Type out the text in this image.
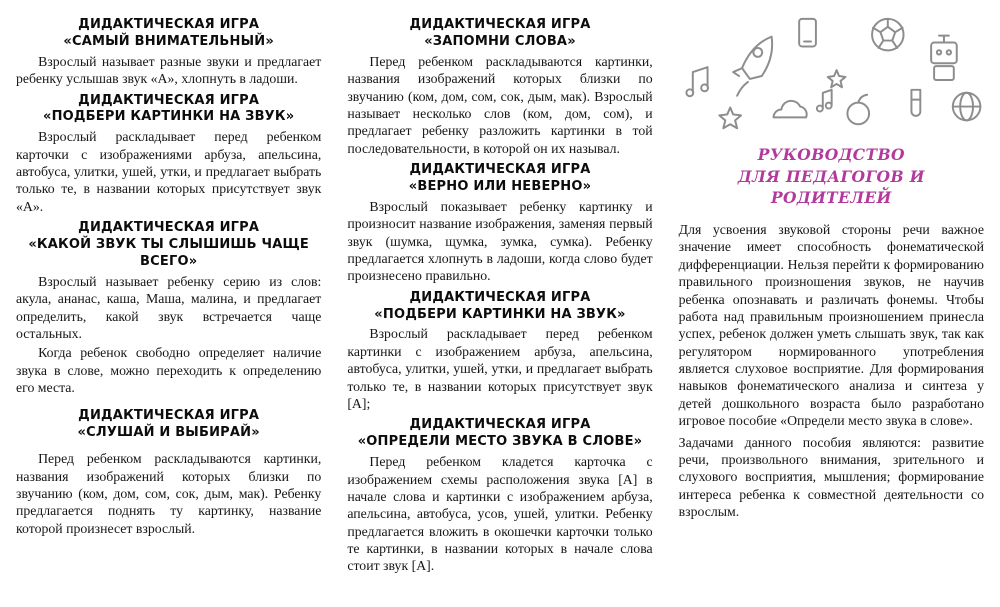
ДИДАКТИЧЕСКАЯ ИГРА
«САМЫЙ ВНИМАТЕЛЬНЫЙ»

Взрослый называет разные звуки и предлагает ребенку услышав звук «А», хлопнуть в ладоши.

ДИДАКТИЧЕСКАЯ ИГРА
«ПОДБЕРИ КАРТИНКИ НА ЗВУК»

Взрослый раскладывает перед ребенком карточки с изображениями арбуза, апельсина, автобуса, улитки, ушей, утки, и предлагает выбрать только те, в названии которых присутствует звук «А».

ДИДАКТИЧЕСКАЯ ИГРА
«КАКОЙ ЗВУК ТЫ СЛЫШИШЬ ЧАЩЕ ВСЕГО»

Взрослый называет ребенку серию из слов: акула, ананас, каша, Маша, малина, и предлагает определить, какой звук встречается чаще остальных.

Когда ребенок свободно определяет наличие звука в слове, можно переходить к определению его места.

ДИДАКТИЧЕСКАЯ ИГРА
«СЛУШАЙ И ВЫБИРАЙ»

Перед ребенком раскладываются картинки, названия изображений которых близки по звучанию (ком, дом, сом, сок, дым, мак). Ребенку предлагается поднять ту картинку, название которой произнесет взрослый.

ДИДАКТИЧЕСКАЯ ИГРА
«ЗАПОМНИ СЛОВА»

Перед ребенком раскладываются картинки, названия изображений которых близки по звучанию (ком, дом, сом, сок, дым, мак). Взрослый называет несколько слов (ком, дом, сом), и предлагает ребенку разложить картинки в той последовательности, в которой он их называл.

ДИДАКТИЧЕСКАЯ ИГРА
«ВЕРНО ИЛИ НЕВЕРНО»

Взрослый показывает ребенку картинку и произносит название изображения, заменяя первый звук (шумка, щумка, зумка, сумка). Ребенку предлагается хлопнуть в ладоши, когда слово будет произнесено правильно.

ДИДАКТИЧЕСКАЯ ИГРА
«ПОДБЕРИ КАРТИНКИ НА ЗВУК»

Взрослый раскладывает перед ребенком картинки с изображением арбуза, апельсина, автобуса, улитки, ушей, утки, и предлагает выбрать только те, в названии которых присутствует звук [А];

ДИДАКТИЧЕСКАЯ ИГРА
«ОПРЕДЕЛИ МЕСТО ЗВУКА В СЛОВЕ»

Перед ребенком кладется карточка с изображением схемы расположения звука [А] в начале слова и картинки с изображением арбуза, апельсина, автобуса, усов, ушей, улитки. Ребенку предлагается вложить в окошечки карточки только те картинки, в названии которых в начале слова стоит звук [А].

РУКОВОДСТВО
ДЛЯ ПЕДАГОГОВ И РОДИТЕЛЕЙ

Для усвоения звуковой стороны речи важное значение имеет способность фонематической дифференциации. Нельзя перейти к формированию правильного произношения звуков, не научив ребенка опознавать и различать фонемы. Чтобы работа над правильным произношением принесла успех, ребенок должен уметь слышать звук, так как регулятором нормированного употребления является слуховое восприятие. Для формирования навыков фонематического анализа и синтеза у детей дошкольного возраста было разработано игровое пособие «Определи место звука в слове».

Задачами данного пособия являются: развитие речи, произвольного внимания, зрительного и слухового восприятия, мышления; формирование интереса ребенка к совместной деятельности со взрослым.
